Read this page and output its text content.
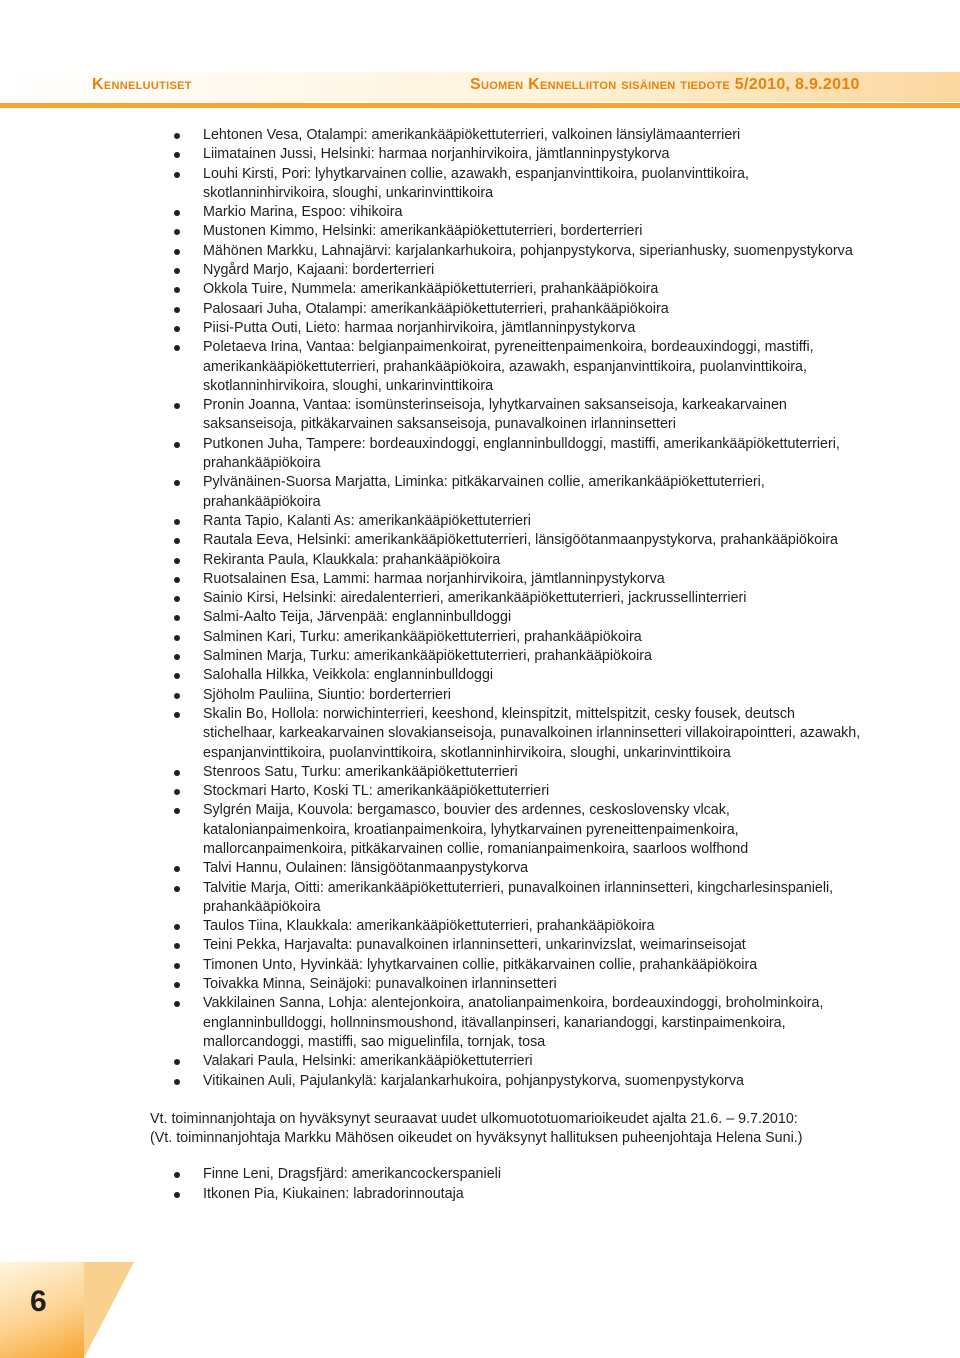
Kenneluutiset	Suomen Kennelliiton sisäinen tiedote 5/2010, 8.9.2010
Lehtonen Vesa, Otalampi: amerikankääpiökettuterrieri, valkoinen länsiylämaanterrieri
Liimatainen Jussi, Helsinki: harmaa norjanhirvikoira, jämtlanninpystykorva
Louhi Kirsti, Pori: lyhytkarvainen collie, azawakh, espanjanvinttikoira, puolanvinttikoira, skotlanninhirvikoira, sloughi, unkarinvinttikoira
Markio Marina, Espoo: vihikoira
Mustonen Kimmo, Helsinki: amerikankääpiökettuterrieri, borderterrieri
Mähönen Markku, Lahnajärvi: karjalankarhukoira, pohjanpystykorva, siperianhusky, suomenpystykorva
Nygård Marjo, Kajaani: borderterrieri
Okkola Tuire, Nummela: amerikankääpiökettuterrieri, prahankääpiökoira
Palosaari Juha, Otalampi: amerikankääpiökettuterrieri, prahankääpiökoira
Piisi-Putta Outi, Lieto: harmaa norjanhirvikoira, jämtlanninpystykorva
Poletaeva Irina, Vantaa: belgianpaimenkoirat, pyreneittenpaimenkoira, bordeauxindoggi, mastiffi, amerikankääpiökettuterrieri, prahankääpiökoira, azawakh, espanjanvinttikoira, puolanvinttikoira, skotlanninhirvikoira, sloughi, unkarinvinttikoira
Pronin Joanna, Vantaa: isomünsterinseisoja, lyhytkarvainen saksanseisoja, karkeakarvainen saksanseisoja, pitkäkarvainen saksanseisoja, punavalkoinen irlanninsetteri
Putkonen Juha, Tampere: bordeauxindoggi, englanninbulldoggi, mastiffi, amerikankääpiökettuterrieri, prahankääpiökoira
Pylvänäinen-Suorsa Marjatta, Liminka: pitkäkarvainen collie, amerikankääpiökettuterrieri, prahankääpiökoira
Ranta Tapio, Kalanti As: amerikankääpiökettuterrieri
Rautala Eeva, Helsinki: amerikankääpiökettuterrieri, länsigöötanmaanpystykorva, prahankääpiökoira
Rekiranta Paula, Klaukkala: prahankääpiökoira
Ruotsalainen Esa, Lammi: harmaa norjanhirvikoira, jämtlanninpystykorva
Sainio Kirsi, Helsinki: airedalenterrieri, amerikankääpiökettuterrieri, jackrussellinterrieri
Salmi-Aalto Teija, Järvenpää: englanninbulldoggi
Salminen Kari, Turku: amerikankääpiökettuterrieri, prahankääpiökoira
Salminen Marja, Turku: amerikankääpiökettuterrieri, prahankääpiökoira
Salohalla Hilkka, Veikkola: englanninbulldoggi
Sjöholm Pauliina, Siuntio: borderterrieri
Skalin Bo, Hollola: norwichinterrieri, keeshond, kleinspitzit, mittelspitzit, cesky fousek, deutsch stichelhaar, karkeakarvainen slovakianseisoja, punavalkoinen irlanninsetteri villakoirapointteri, azawakh, espanjanvinttikoira, puolanvinttikoira, skotlanninhirvikoira, sloughi, unkarinvinttikoira
Stenroos Satu, Turku: amerikankääpiökettuterrieri
Stockmari Harto, Koski TL: amerikankääpiökettuterrieri
Sylgrén Maija, Kouvola: bergamasco, bouvier des ardennes, ceskoslovensky vlcak, katalonianpaimenkoira, kroatianpaimenkoira, lyhytkarvainen pyreneittenpaimenkoira, mallorcanpaimenkoira, pitkäkarvainen collie, romanianpaimenkoira, saarloos wolfhond
Talvi Hannu, Oulainen: länsigöötanmaanpystykorva
Talvitie Marja, Oitti: amerikankääpiökettuterrieri, punavalkoinen irlanninsetteri, kingcharlesinspanieli, prahankääpiökoira
Taulos Tiina, Klaukkala: amerikankääpiökettuterrieri, prahankääpiökoira
Teini Pekka, Harjavalta: punavalkoinen irlanninsetteri, unkarinvizslat, weimarinseisojat
Timonen Unto, Hyvinkää: lyhytkarvainen collie, pitkäkarvainen collie, prahankääpiökoira
Toivakka Minna, Seinäjoki: punavalkoinen irlanninsetteri
Vakkilainen Sanna, Lohja: alentejonkoira, anatolianpaimenkoira, bordeauxindoggi, broholminkoira, englanninbulldoggi, hollnninsmoushond, itävallanpinseri, kanariandoggi, karstinpaimenkoira, mallorcandoggi, mastiffi, sao miguelinfila, tornjak, tosa
Valakari Paula, Helsinki: amerikankääpiökettuterrieri
Vitikainen Auli, Pajulankylä: karjalankarhukoira, pohjanpystykorva, suomenpystykorva
Vt. toiminnanjohtaja on hyväksynyt seuraavat uudet ulkomuototuomarioikeudet ajalta 21.6. – 9.7.2010:
(Vt. toiminnanjohtaja Markku Mähösen oikeudet on hyväksynyt hallituksen puheenjohtaja Helena Suni.)
Finne Leni, Dragsfjärd: amerikancockerspanieli
Itkonen Pia, Kiukainen: labradorinnoutaja
6
